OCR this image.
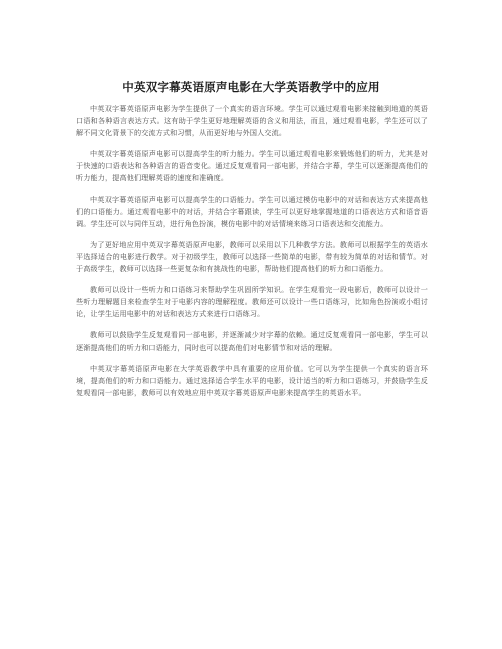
中英双字幕英语原声电影在大学英语教学中的应用

中英双字幕英语原声电影为学生提供了一个真实的语言环境。学生可以通过观看电影来接触到地道的英语口语和各种语言表达方式。这有助于学生更好地理解英语的含义和用法，而且，通过观看电影，学生还可以了解不同文化背景下的交流方式和习惯，从而更好地与外国人交流。

中英双字幕英语原声电影可以提高学生的听力能力。学生可以通过观看电影来锻炼他们的听力，尤其是对于快速的口语表达和各种语言的语音变化。通过反复观看同一部电影，并结合字幕，学生可以逐渐提高他们的听力能力，提高他们理解英语的速度和准确度。

中英双字幕英语原声电影可以提高学生的口语能力。学生可以通过模仿电影中的对话和表达方式来提高他们的口语能力。通过观看电影中的对话，并结合字幕跟读，学生可以更好地掌握地道的口语表达方式和语音语调。学生还可以与同伴互动，进行角色扮演，模仿电影中的对话情境来练习口语表达和交流能力。

为了更好地应用中英双字幕英语原声电影，教师可以采用以下几种教学方法。教师可以根据学生的英语水平选择适合的电影进行教学。对于初级学生，教师可以选择一些简单的电影，带有较为简单的对话和情节。对于高级学生，教师可以选择一些更复杂和有挑战性的电影，帮助他们提高他们的听力和口语能力。

教师可以设计一些听力和口语练习来帮助学生巩固所学知识。在学生观看完一段电影后，教师可以设计一些听力理解题目来检查学生对于电影内容的理解程度。教师还可以设计一些口语练习，比如角色扮演或小组讨论，让学生运用电影中的对话和表达方式来进行口语练习。

教师可以鼓励学生反复观看同一部电影，并逐渐减少对字幕的依赖。通过反复观看同一部电影，学生可以逐渐提高他们的听力和口语能力，同时也可以提高他们对电影情节和对话的理解。

中英双字幕英语原声电影在大学英语教学中具有重要的应用价值。它可以为学生提供一个真实的语言环境，提高他们的听力和口语能力。通过选择适合学生水平的电影，设计适当的听力和口语练习，并鼓励学生反复观看同一部电影，教师可以有效地应用中英双字幕英语原声电影来提高学生的英语水平。
